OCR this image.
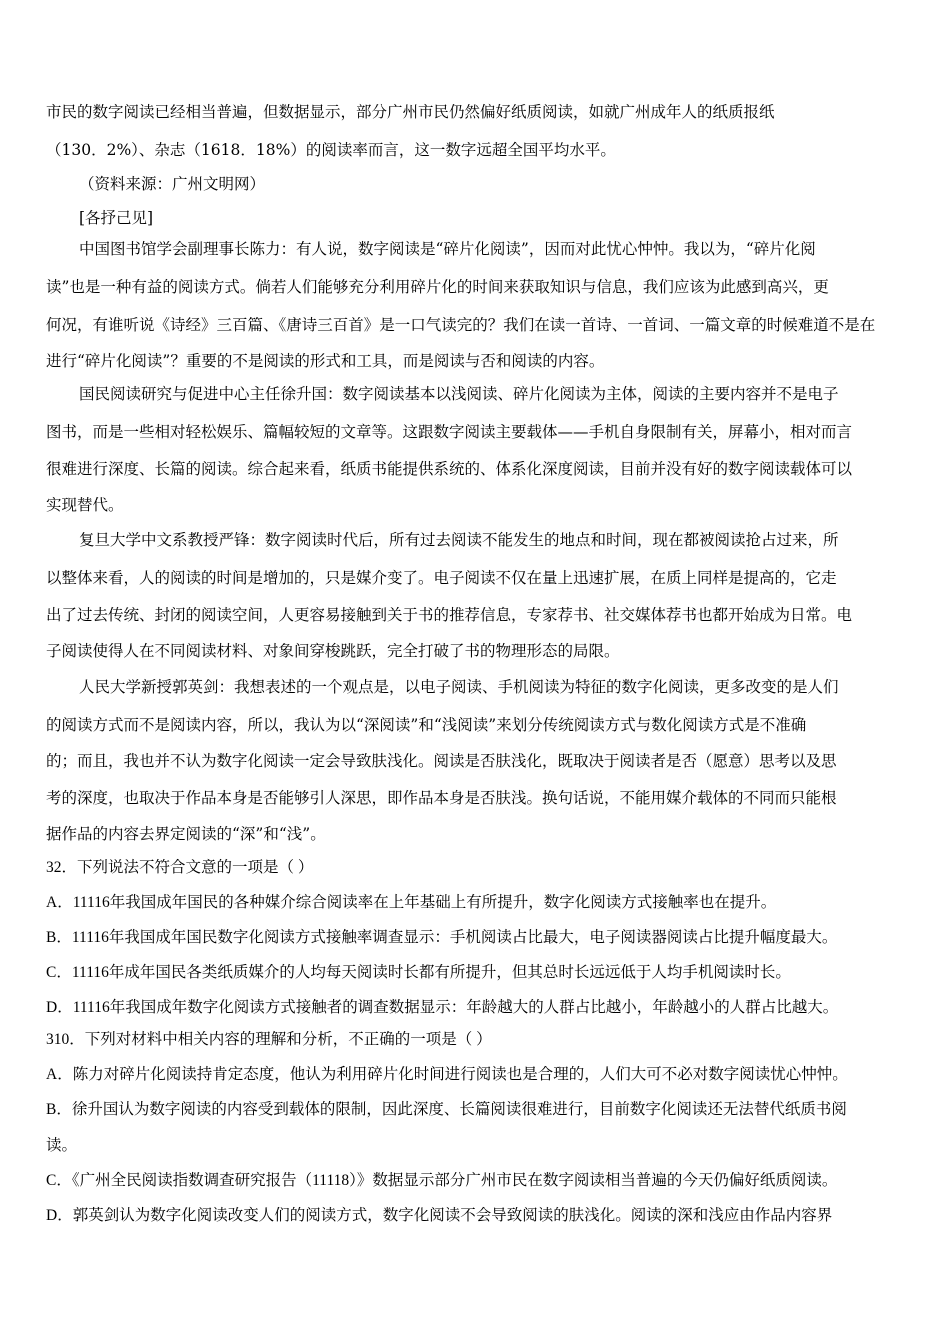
市民的数字阅读已经相当普遍，但数据显示，部分广州市民仍然偏好纸质阅读，如就广州成年人的纸质报纸
（130．2%）、杂志（1618．18%）的阅读率而言，这一数字远超全国平均水平。
（资料来源：广州文明网）
[各抒己见]
中国图书馆学会副理事长陈力：有人说，数字阅读是“碎片化阅读”，因而对此忧心忡忡。我以为，“碎片化阅
读”也是一种有益的阅读方式。倘若人们能够充分利用碎片化的时间来获取知识与信息，我们应该为此感到高兴，更
何况，有谁听说《诗经》三百篇、《唐诗三百首》是一口气读完的？我们在读一首诗、一首词、一篇文章的时候难道不是在
进行“碎片化阅读”？重要的不是阅读的形式和工具，而是阅读与否和阅读的内容。
国民阅读研究与促进中心主任徐升国：数字阅读基本以浅阅读、碎片化阅读为主体，阅读的主要内容并不是电子
图书，而是一些相对轻松娱乐、篇幅较短的文章等。这跟数字阅读主要载体——手机自身限制有关，屏幕小，相对而言
很难进行深度、长篇的阅读。综合起来看，纸质书能提供系统的、体系化深度阅读，目前并没有好的数字阅读载体可以
实现替代。
复旦大学中文系教授严锋：数字阅读时代后，所有过去阅读不能发生的地点和时间，现在都被阅读抢占过来，所
以整体来看，人的阅读的时间是增加的，只是媒介变了。电子阅读不仅在量上迅速扩展，在质上同样是提高的，它走
出了过去传统、封闭的阅读空间，人更容易接触到关于书的推荐信息，专家荐书、社交媒体荐书也都开始成为日常。电
子阅读使得人在不同阅读材料、对象间穿梭跳跃，完全打破了书的物理形态的局限。
人民大学新授郭英剑：我想表述的一个观点是，以电子阅读、手机阅读为特征的数字化阅读，更多改变的是人们
的阅读方式而不是阅读内容，所以，我认为以“深阅读”和“浅阅读”来划分传统阅读方式与数化阅读方式是不准确
的；而且，我也并不认为数字化阅读一定会导致肤浅化。阅读是否肤浅化，既取决于阅读者是否（愿意）思考以及思
考的深度，也取决于作品本身是否能够引人深思，即作品本身是否肤浅。换句话说，不能用媒介载体的不同而只能根
据作品的内容去界定阅读的“深”和“浅”。
32．下列说法不符合文意的一项是（ ）
A．11116年我国成年国民的各种媒介综合阅读率在上年基础上有所提升，数字化阅读方式接触率也在提升。
B．11116年我国成年国民数字化阅读方式接触率调查显示：手机阅读占比最大，电子阅读器阅读占比提升幅度最大。
C．11116年成年国民各类纸质媒介的人均每天阅读时长都有所提升，但其总时长远远低于人均手机阅读时长。
D．11116年我国成年数字化阅读方式接触者的调查数据显示：年龄越大的人群占比越小，年龄越小的人群占比越大。
310．下列对材料中相关内容的理解和分析，不正确的一项是（ ）
A．陈力对碎片化阅读持肯定态度，他认为利用碎片化时间进行阅读也是合理的，人们大可不必对数字阅读忧心忡忡。
B．徐升国认为数字阅读的内容受到载体的限制，因此深度、长篇阅读很难进行，目前数字化阅读还无法替代纸质书阅
读。
C．《广州全民阅读指数调查研究报告（11118）》数据显示部分广州市民在数字阅读相当普遍的今天仍偏好纸质阅读。
D．郭英剑认为数字化阅读改变人们的阅读方式，数字化阅读不会导致阅读的肤浅化。阅读的深和浅应由作品内容界
